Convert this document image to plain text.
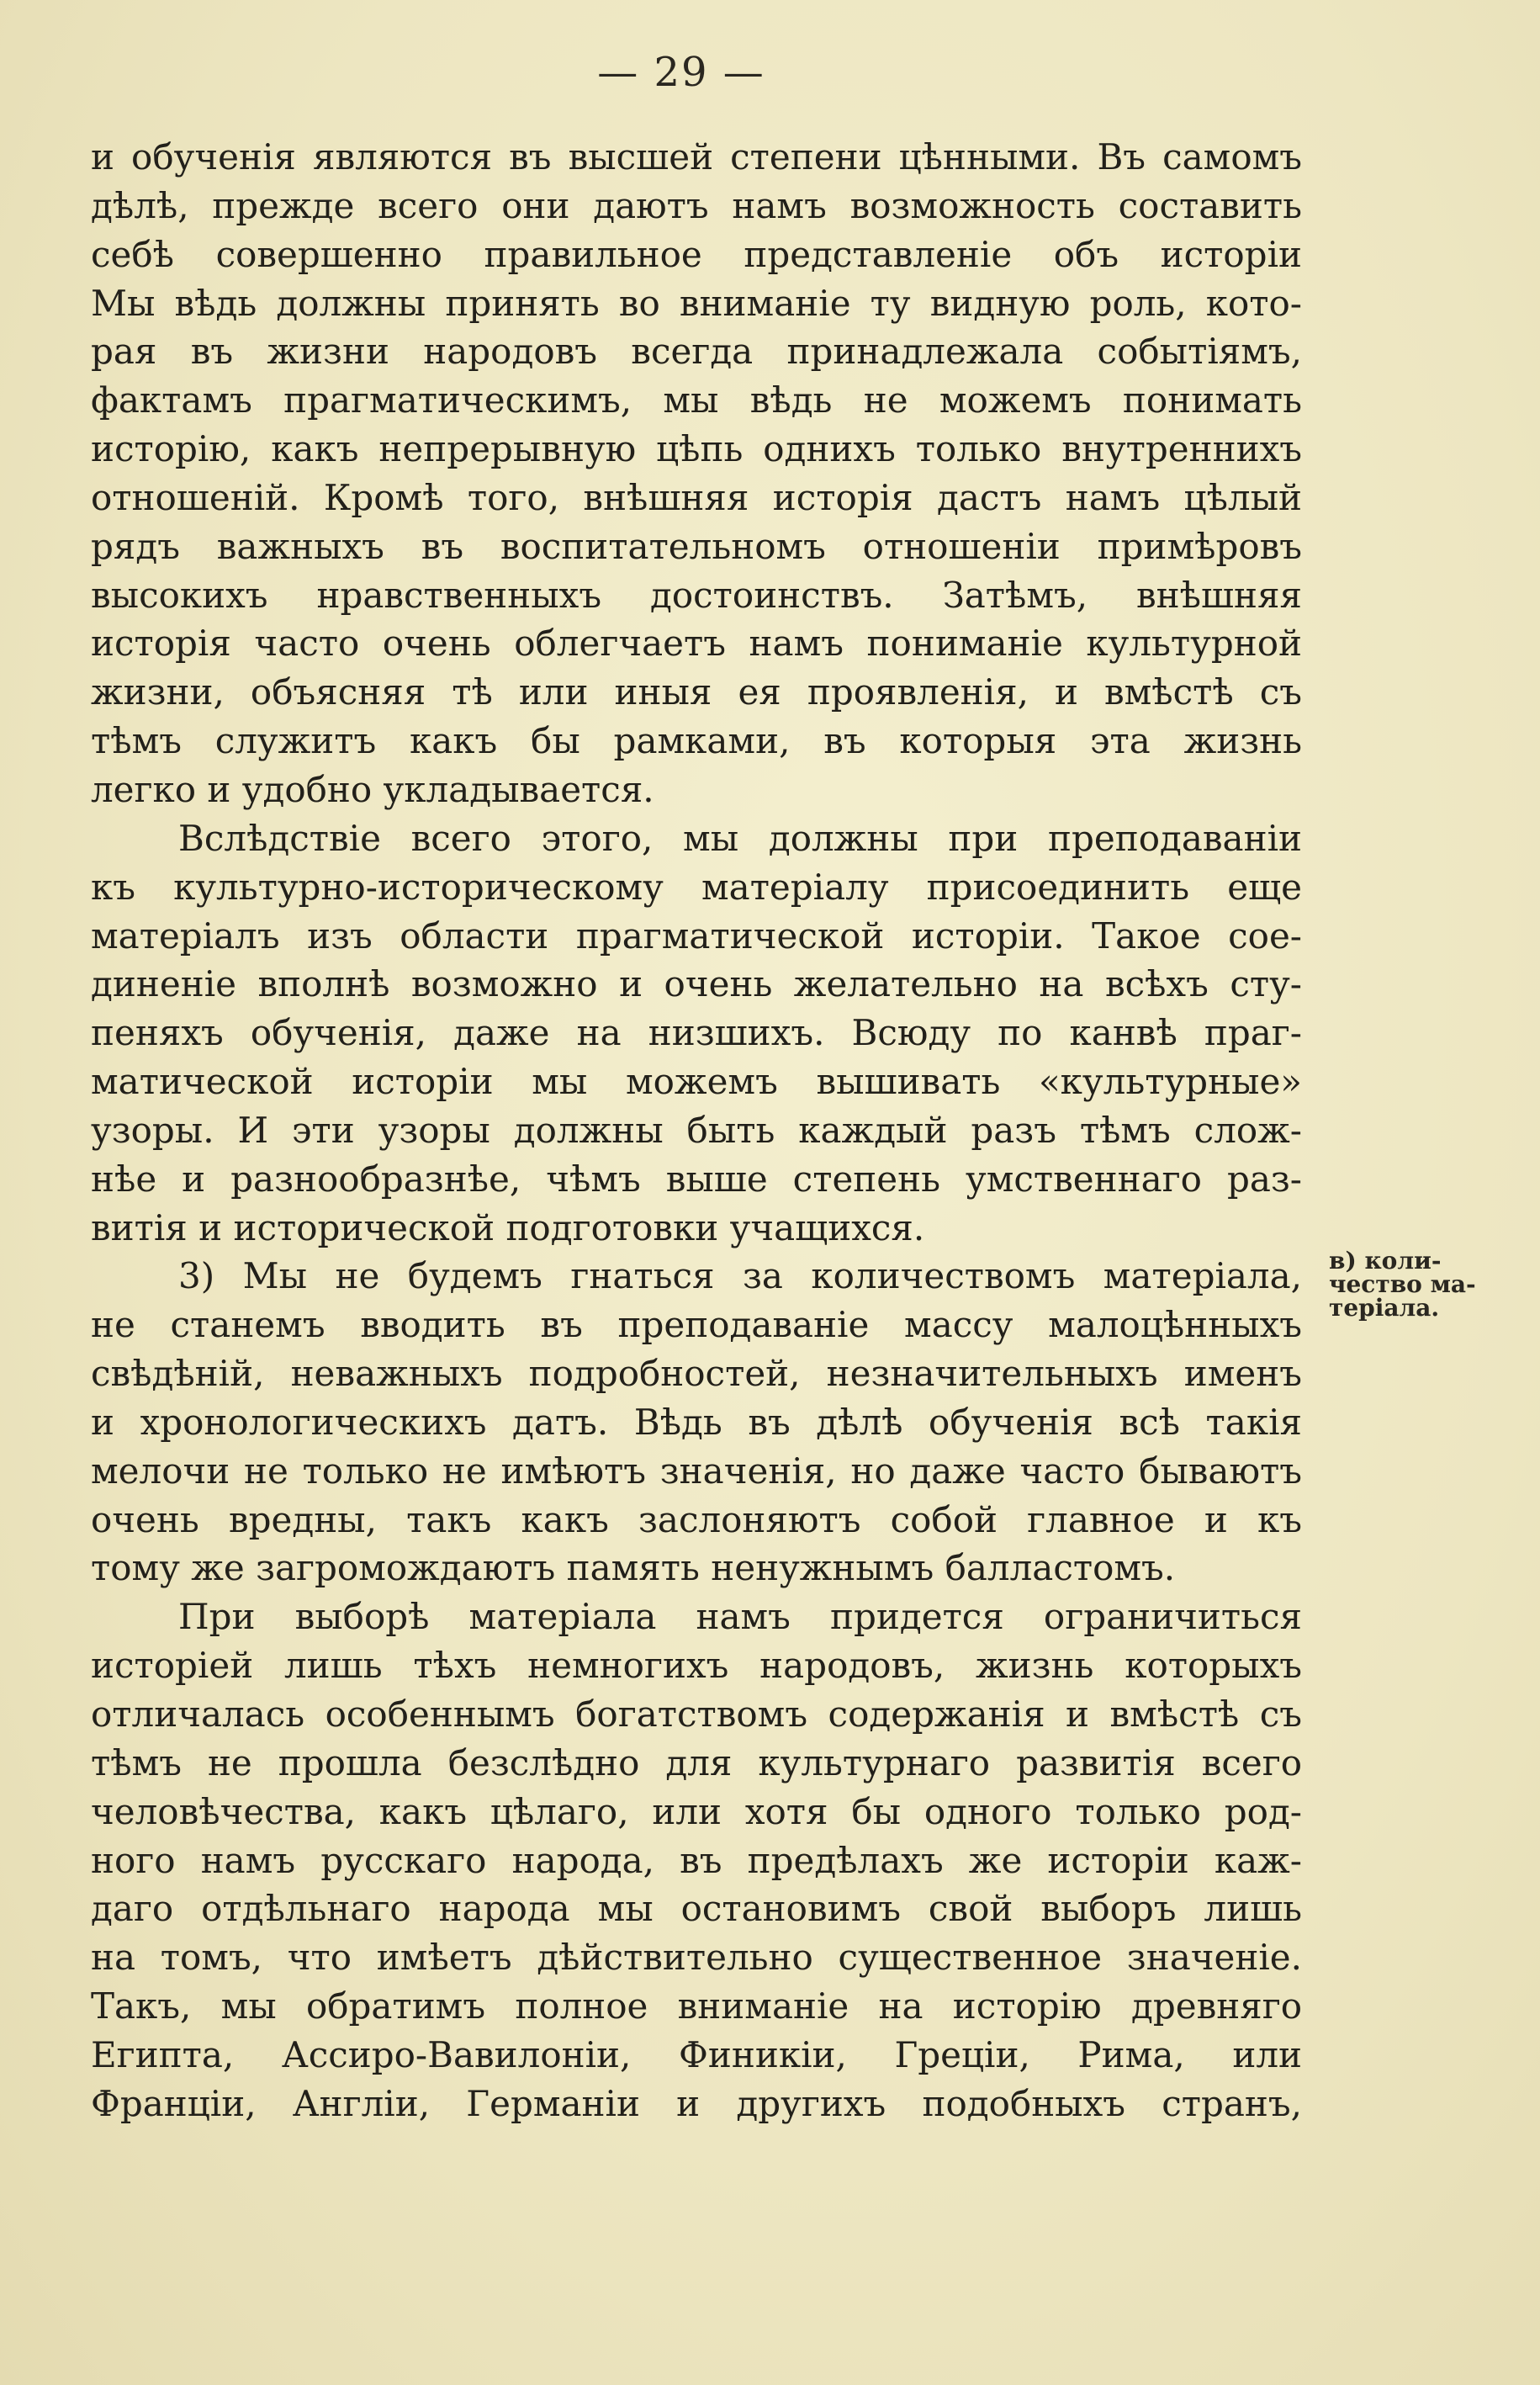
— 29 —
и обученія являются въ высшей степени цѣнными. Въ самомъ
дѣлѣ, прежде всего они даютъ намъ возможность составить
себѣ совершенно правильное представленіе объ исторіи
Мы вѣдь должны принять во вниманіе ту видную роль, кото-
рая въ жизни народовъ всегда принадлежала событіямъ,
фактамъ прагматическимъ, мы вѣдь не можемъ понимать
исторію, какъ непрерывную цѣпь однихъ только внутреннихъ
отношеній. Кромѣ того, внѣшняя исторія дастъ намъ цѣлый
рядъ важныхъ въ воспитательномъ отношеніи примѣровъ
высокихъ нравственныхъ достоинствъ. Затѣмъ, внѣшняя
исторія часто очень облегчаетъ намъ пониманіе культурной
жизни, объясняя тѣ или иныя ея проявленія, и вмѣстѣ съ
тѣмъ служитъ какъ бы рамками, въ которыя эта жизнь
легко и удобно укладывается.
Вслѣдствіе всего этого, мы должны при преподаваніи
къ культурно-историческому матеріалу присоединить еще
матеріалъ изъ области прагматической исторіи. Такое соe-
диненіе вполнѣ возможно и очень желательно на всѣхъ сту-
пеняхъ обученія, даже на низшихъ. Всюду по канвѣ праг-
матической исторіи мы можемъ вышивать «культурные»
узоры. И эти узоры должны быть каждый разъ тѣмъ слож-
нѣе и разнообразнѣе, чѣмъ выше степень умственнаго раз-
витія и исторической подготовки учащихся.
3) Мы не будемъ гнаться за количествомъ матеріала,
не станемъ вводить въ преподаваніе массу малоцѣнныхъ
свѣдѣній, неважныхъ подробностей, незначительныхъ именъ
и хронологическихъ датъ. Вѣдь въ дѣлѣ обученія всѣ такія
мелочи не только не имѣютъ значенія, но даже часто бываютъ
очень вредны, такъ какъ заслоняютъ собой главное и къ
тому же загромождаютъ память ненужнымъ балластомъ.
При выборѣ матеріала намъ придется ограничиться
исторіей лишь тѣхъ немногихъ народовъ, жизнь которыхъ
отличалась особеннымъ богатствомъ содержанія и вмѣстѣ съ
тѣмъ не прошла безслѣдно для культурнаго развитія всего
человѣчества, какъ цѣлаго, или хотя бы одного только род-
ного намъ русскаго народа, въ предѣлахъ же исторіи каж-
даго отдѣльнаго народа мы остановимъ свой выборъ лишь
на томъ, что имѣетъ дѣйствительно существенное значеніе.
Такъ, мы обратимъ полное вниманіе на исторію древняго
Египта, Ассиро-Вавилоніи, Финикіи, Греціи, Рима, или
Франціи, Англіи, Германіи и другихъ подобныхъ странъ,
в) коли-
чество ма-
теріала.
